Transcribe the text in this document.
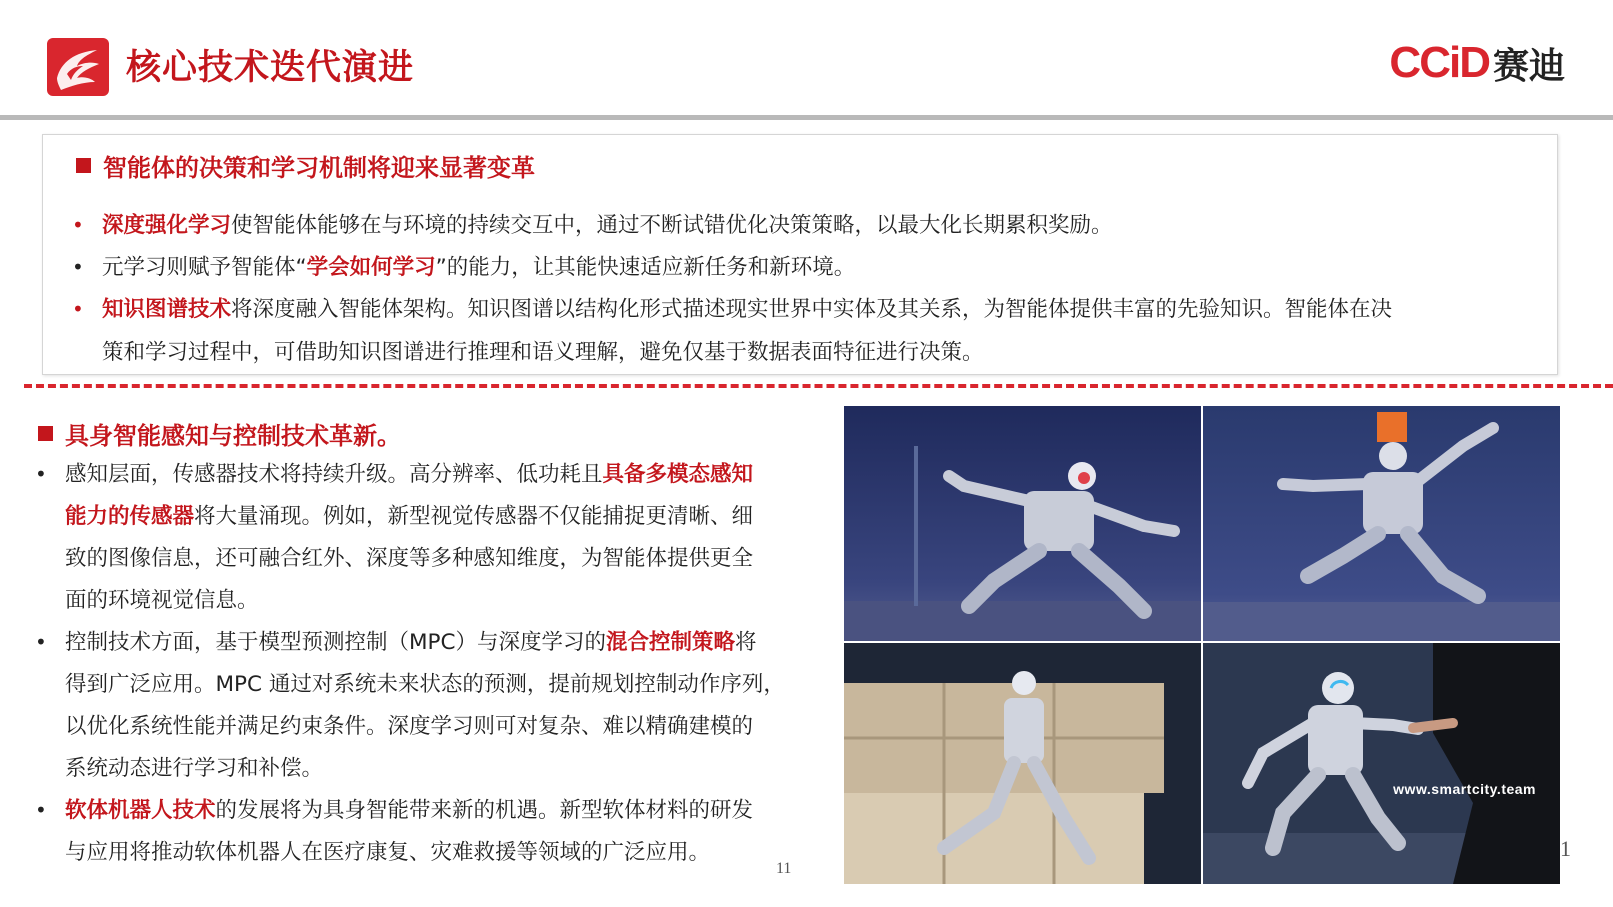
核心技术迭代演进	CCiD 赛迪
智能体的决策和学习机制将迎来显著变革
• 深度强化学习使智能体能够在与环境的持续交互中，通过不断试错优化决策策略，以最大化长期累积奖励。
• 元学习则赋予智能体“学会如何学习”的能力，让其能快速适应新任务和新环境。
• 知识图谱技术将深度融入智能体架构。知识图谱以结构化形式描述现实世界中实体及其关系，为智能体提供丰富的先验知识。智能体在决
策和学习过程中，可借助知识图谱进行推理和语义理解，避免仅基于数据表面特征进行决策。
具身智能感知与控制技术革新。
• 感知层面，传感器技术将持续升级。高分辨率、低功耗且具备多模态感知
能力的传感器将大量涌现。例如，新型视觉传感器不仅能捕捉更清晰、细
致的图像信息，还可融合红外、深度等多种感知维度，为智能体提供更全
面的环境视觉信息。
• 控制技术方面，基于模型预测控制（MPC）与深度学习的混合控制策略将
得到广泛应用。MPC 通过对系统未来状态的预测，提前规划控制动作序列，
以优化系统性能并满足约束条件。深度学习则可对复杂、难以精确建模的
系统动态进行学习和补偿。
• 软体机器人技术的发展将为具身智能带来新的机遇。新型软体材料的研发
与应用将推动软体机器人在医疗康复、灾难救援等领域的广泛应用。
www.smartcity.team
11
1
